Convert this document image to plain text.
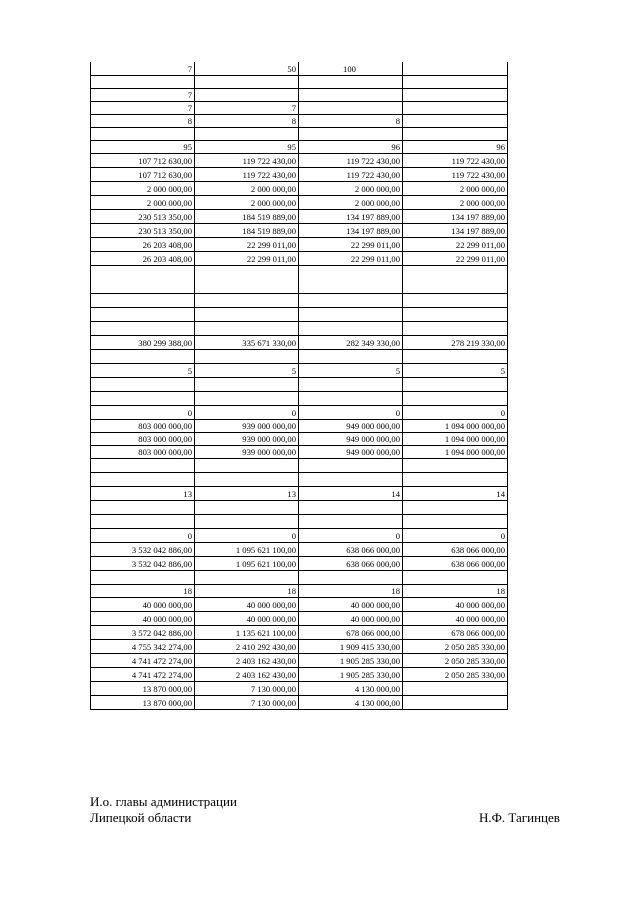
7	50	100
7
7	7
8	8	8
95	95	96	96
107 712 630,00	119 722 430,00	119 722 430,00	119 722 430,00
107 712 630,00	119 722 430,00	119 722 430,00	119 722 430,00
2 000 000,00	2 000 000,00	2 000 000,00	2 000 000,00
2 000 000,00	2 000 000,00	2 000 000,00	2 000 000,00
230 513 350,00	184 519 889,00	134 197 889,00	134 197 889,00
230 513 350,00	184 519 889,00	134 197 889,00	134 197 889,00
26 203 408,00	22 299 011,00	22 299 011,00	22 299 011,00
26 203 408,00	22 299 011,00	22 299 011,00	22 299 011,00
380 299 388,00	335 671 330,00	282 349 330,00	278 219 330,00
5	5	5	5
0	0	0	0
803 000 000,00	939 000 000,00	949 000 000,00	1 094 000 000,00
803 000 000,00	939 000 000,00	949 000 000,00	1 094 000 000,00
803 000 000,00	939 000 000,00	949 000 000,00	1 094 000 000,00
13	13	14	14
0	0	0	0
3 532 042 886,00	1 095 621 100,00	638 066 000,00	638 066 000,00
3 532 042 886,00	1 095 621 100,00	638 066 000,00	638 066 000,00
18	18	18	18
40 000 000,00	40 000 000,00	40 000 000,00	40 000 000,00
40 000 000,00	40 000 000,00	40 000 000,00	40 000 000,00
3 572 042 886,00	1 135 621 100,00	678 066 000,00	678 066 000,00
4 755 342 274,00	2 410 292 430,00	1 909 415 330,00	2 050 285 330,00
4 741 472 274,00	2 403 162 430,00	1 905 285 330,00	2 050 285 330,00
4 741 472 274,00	2 403 162 430,00	1 905 285 330,00	2 050 285 330,00
13 870 000,00	7 130 000,00	4 130 000,00
13 870 000,00	7 130 000,00	4 130 000,00
И.о. главы администрации
Липецкой области	Н.Ф. Тагинцев
